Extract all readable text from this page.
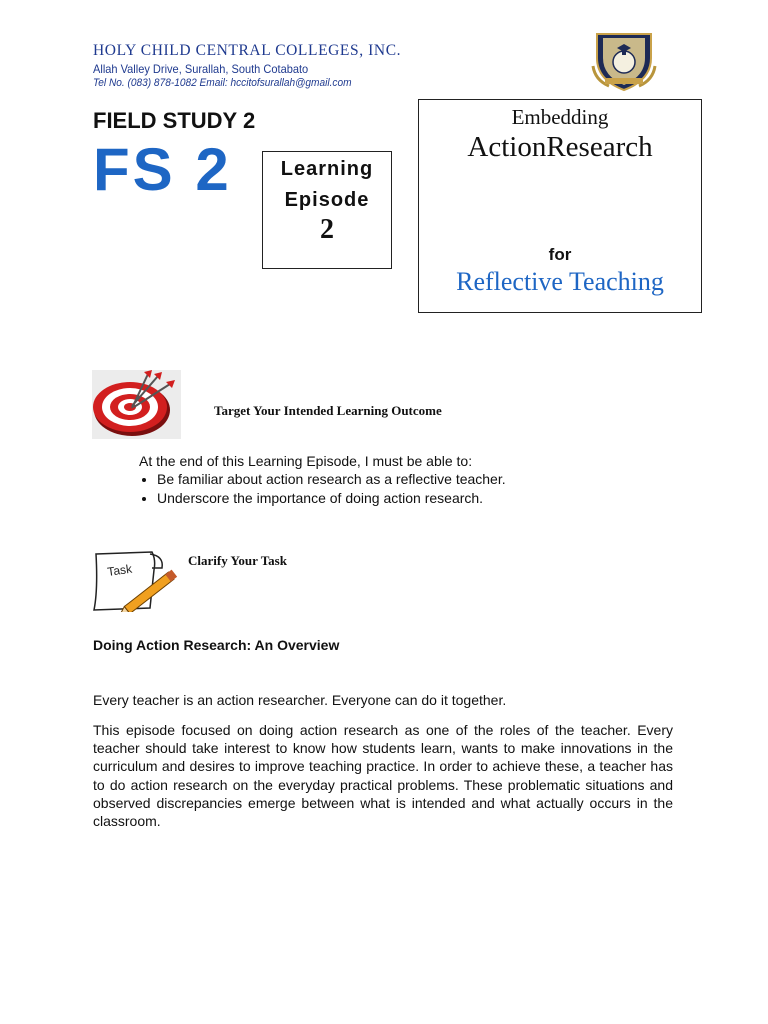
HOLY CHILD CENTRAL COLLEGES, INC.
Allah Valley Drive, Surallah, South Cotabato
Tel No. (083) 878-1082 Email: hccitofsurallah@gmail.com
FIELD STUDY 2
FS 2	Learning
Episode
2
Embedding
ActionResearch
for
Reflective Teaching
Target Your Intended Learning Outcome
At the end of this Learning Episode, I must be able to:
• Be familiar about action research as a reflective teacher.
• Underscore the importance of doing action research.
Task
Clarify Your Task
Doing Action Research: An Overview
Every teacher is an action researcher. Everyone can do it together.
This episode focused on doing action research as one of the roles of the teacher. Every teacher should take interest to know how students learn, wants to make innovations in the curriculum and desires to improve teaching practice. In order to achieve these, a teacher has to do action research on the everyday practical problems. These problematic situations and observed discrepancies emerge between what is intended and what actually occurs in the classroom.
